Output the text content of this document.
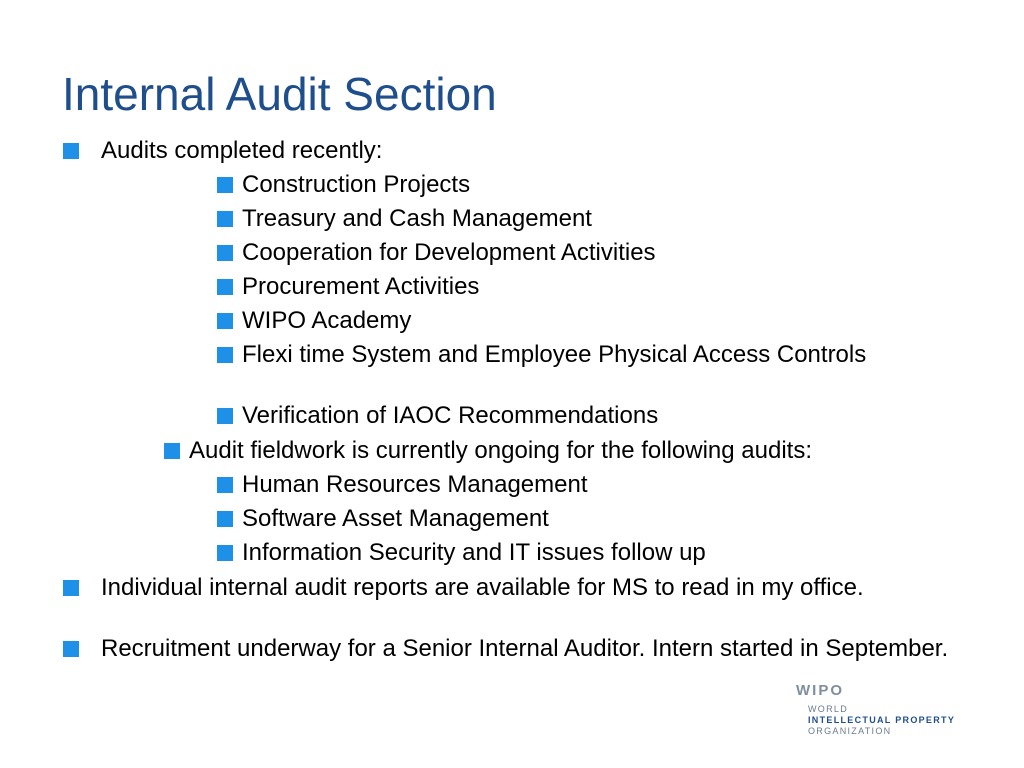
Internal Audit Section
Audits completed recently:
Construction Projects
Treasury and Cash Management
Cooperation for Development Activities
Procurement Activities
WIPO Academy
Flexi time System and Employee Physical Access Controls
Verification of IAOC Recommendations
Audit fieldwork is currently ongoing for the following audits:
Human Resources Management
Software Asset Management
Information Security and IT issues follow up
Individual internal audit reports are available for MS to read in my office.
Recruitment underway for a Senior Internal Auditor. Intern started in September.
WIPO
WORLD
INTELLECTUAL PROPERTY
ORGANIZATION
